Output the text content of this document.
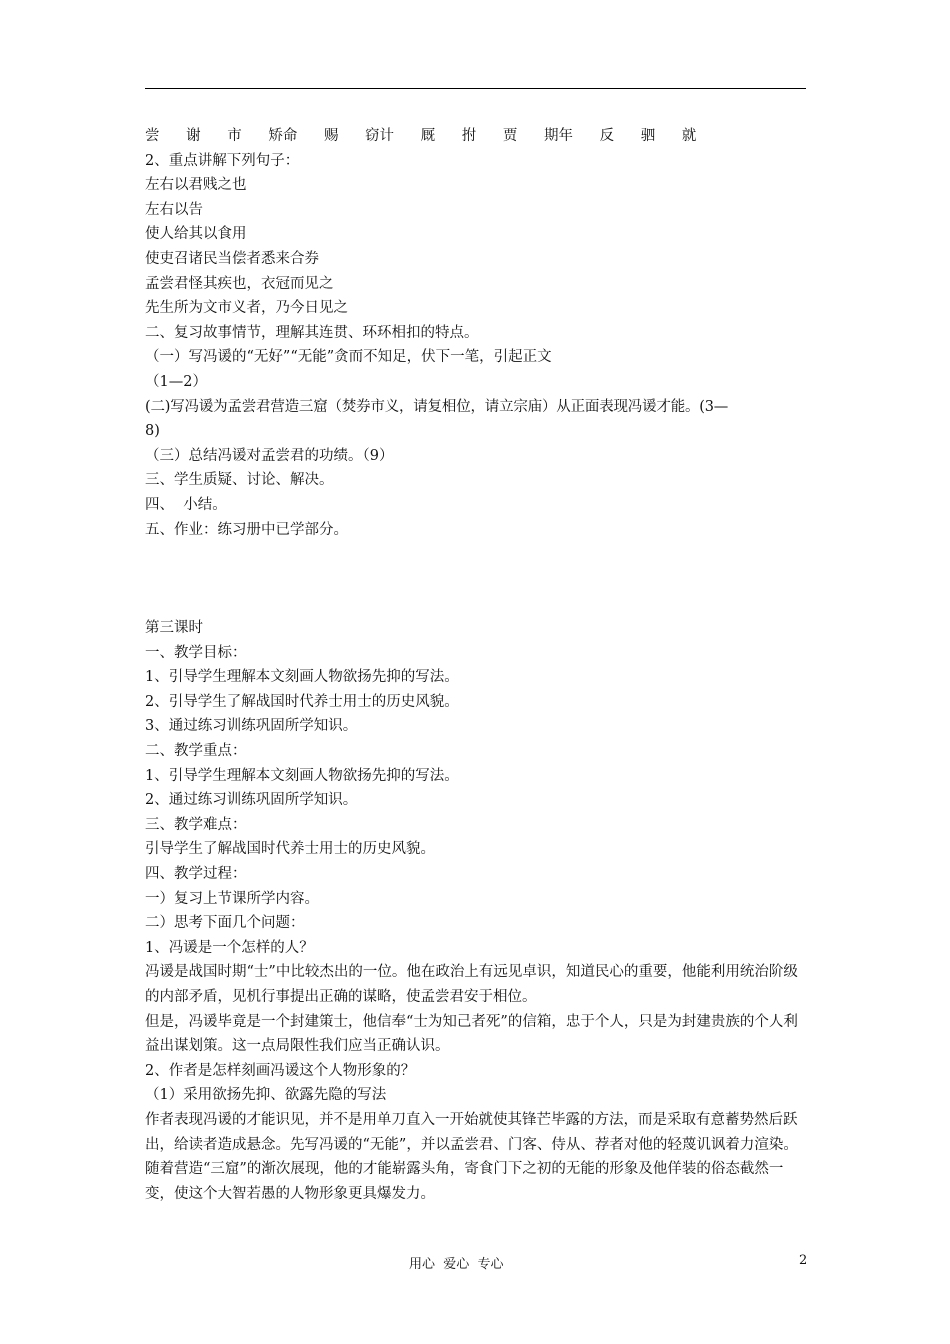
尝 谢 市 矫命 赐 窃计 厩 拊 贾 期年 反 驷 就
2、重点讲解下列句子：
左右以君贱之也
左右以告
使人给其以食用
使吏召诸民当偿者悉来合券
孟尝君怪其疾也，衣冠而见之
先生所为文市义者，乃今日见之
二、复习故事情节，理解其连贯、环环相扣的特点。
（一）写冯谖的“无好”“无能”贪而不知足，伏下一笔，引起正文
（1—2）
(二)写冯谖为孟尝君营造三窟（焚券市义，请复相位，请立宗庙）从正面表现冯谖才能。(3—
8)
（三）总结冯谖对孟尝君的功绩。（9）
三、学生质疑、讨论、解决。
四、  小结。
五、作业：练习册中已学部分。
第三课时
一、教学目标：
1、引导学生理解本文刻画人物欲扬先抑的写法。
2、引导学生了解战国时代养士用士的历史风貌。
3、通过练习训练巩固所学知识。
二、教学重点：
1、引导学生理解本文刻画人物欲扬先抑的写法。
2、通过练习训练巩固所学知识。
三、教学难点：
引导学生了解战国时代养士用士的历史风貌。
四、教学过程：
一）复习上节课所学内容。
二）思考下面几个问题：
1、冯谖是一个怎样的人？
冯谖是战国时期“士”中比较杰出的一位。他在政治上有远见卓识，知道民心的重要，他能利用统治阶级的内部矛盾，见机行事提出正确的谋略，使孟尝君安于相位。
但是，冯谖毕竟是一个封建策士，他信奉“士为知己者死”的信箱，忠于个人，只是为封建贵族的个人利益出谋划策。这一点局限性我们应当正确认识。
2、作者是怎样刻画冯谖这个人物形象的？
（1）采用欲扬先抑、欲露先隐的写法
作者表现冯谖的才能识见，并不是用单刀直入一开始就使其锋芒毕露的方法，而是采取有意蓄势然后跃出，给读者造成悬念。先写冯谖的“无能”，并以孟尝君、门客、侍从、荐者对他的轻蔑讥讽着力渲染。随着营造“三窟”的渐次展现，他的才能崭露头角，寄食门下之初的无能的形象及他佯装的俗态截然一变，使这个大智若愚的人物形象更具爆发力。
用心  爱心  专心	2
